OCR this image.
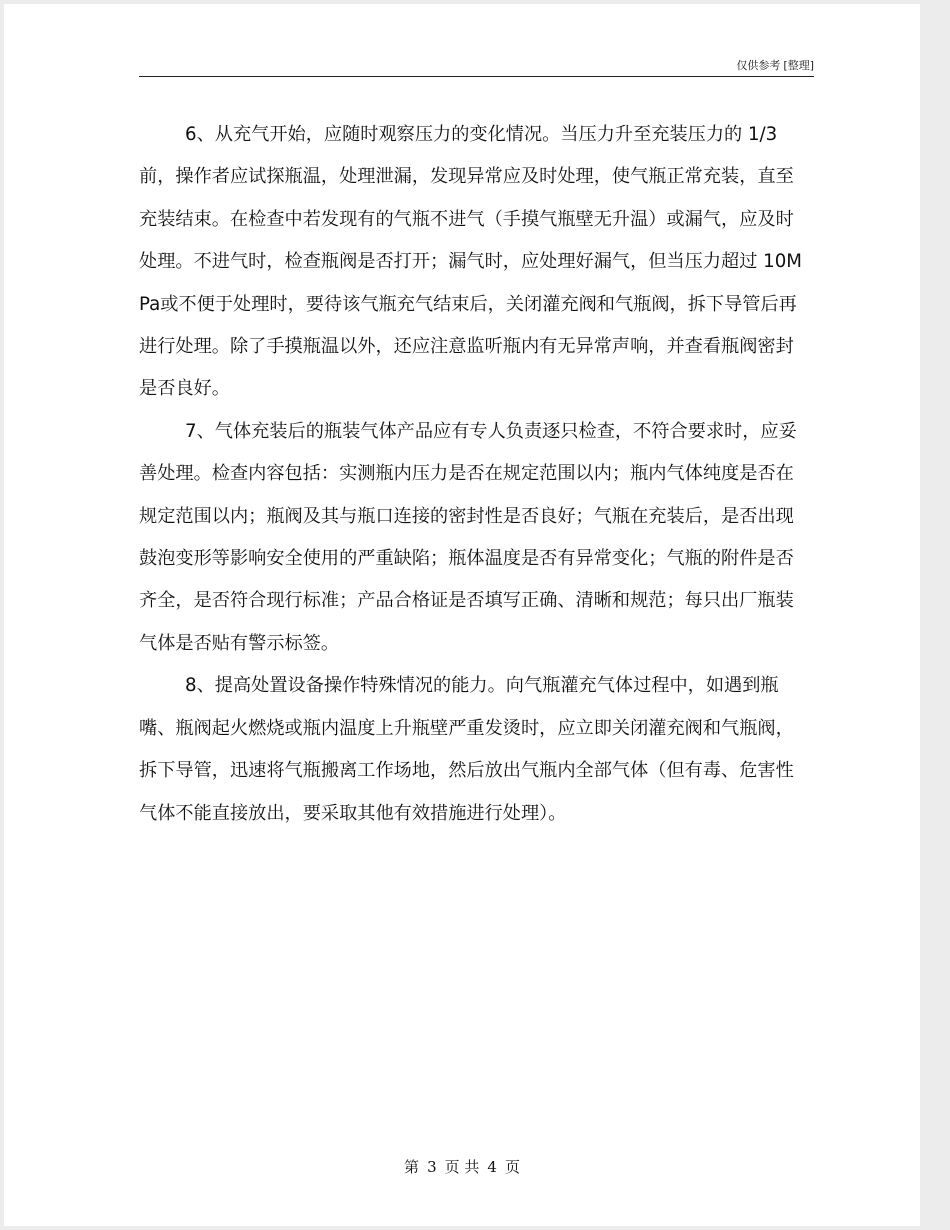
仅供参考 [整理]

6、从充气开始，应随时观察压力的变化情况。当压力升至充装压力的 1/3 前，操作者应试探瓶温，处理泄漏，发现异常应及时处理，使气瓶正常充装，直至充装结束。在检查中若发现有的气瓶不进气（手摸气瓶壁无升温）或漏气，应及时处理。不进气时，检查瓶阀是否打开；漏气时，应处理好漏气，但当压力超过 10MPa或不便于处理时，要待该气瓶充气结束后，关闭灌充阀和气瓶阀，拆下导管后再进行处理。除了手摸瓶温以外，还应注意监听瓶内有无异常声响，并查看瓶阀密封是否良好。

7、气体充装后的瓶装气体产品应有专人负责逐只检查，不符合要求时，应妥善处理。检查内容包括：实测瓶内压力是否在规定范围以内；瓶内气体纯度是否在规定范围以内；瓶阀及其与瓶口连接的密封性是否良好；气瓶在充装后，是否出现鼓泡变形等影响安全使用的严重缺陷；瓶体温度是否有异常变化；气瓶的附件是否齐全，是否符合现行标准；产品合格证是否填写正确、清晰和规范；每只出厂瓶装气体是否贴有警示标签。

8、提高处置设备操作特殊情况的能力。向气瓶灌充气体过程中，如遇到瓶嘴、瓶阀起火燃烧或瓶内温度上升瓶壁严重发烫时，应立即关闭灌充阀和气瓶阀，拆下导管，迅速将气瓶搬离工作场地，然后放出气瓶内全部气体（但有毒、危害性气体不能直接放出，要采取其他有效措施进行处理）。

第 3 页 共 4 页
